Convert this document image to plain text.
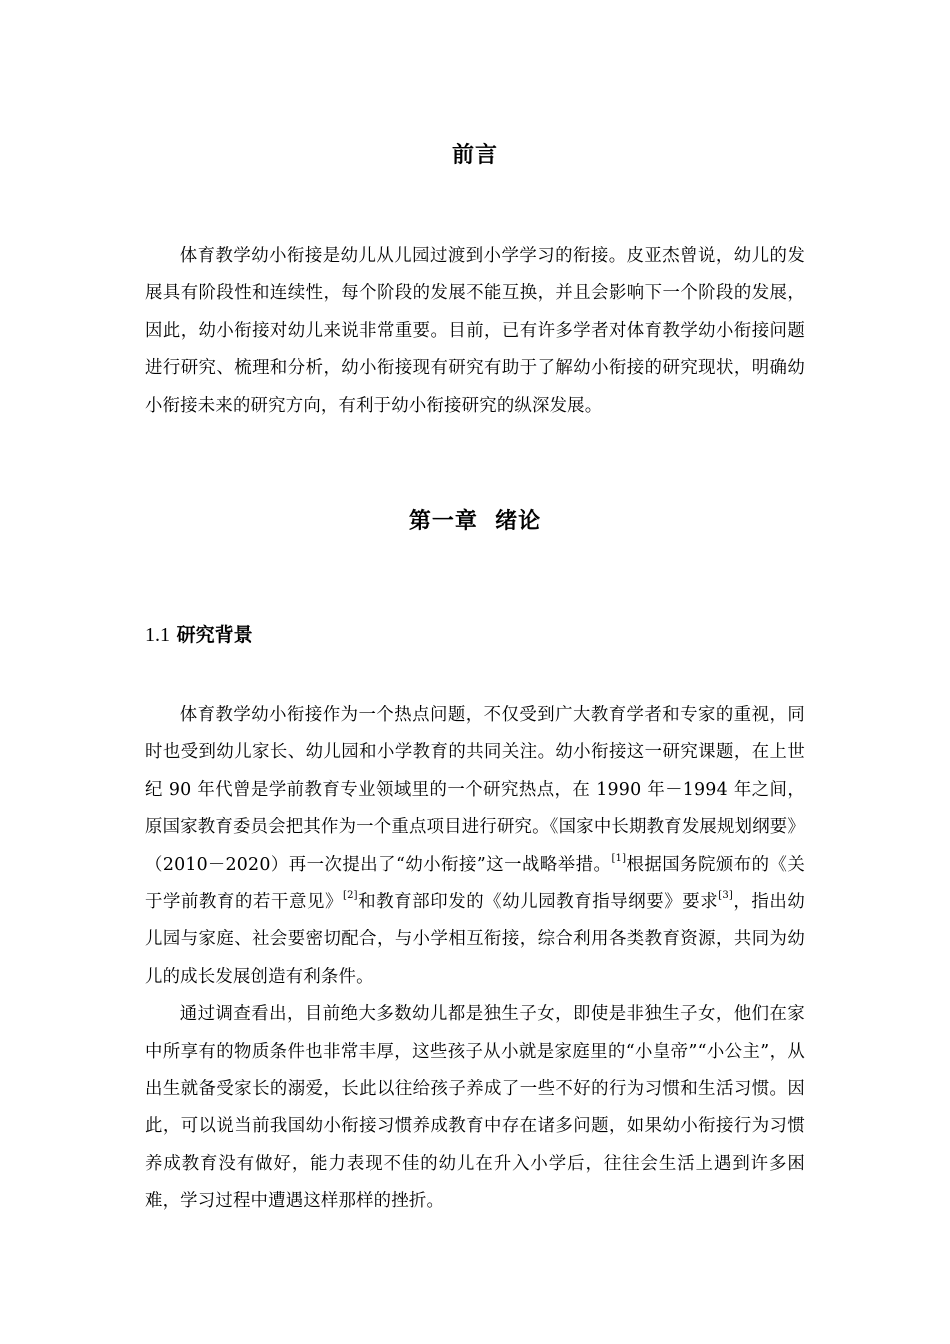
前言

体育教学幼小衔接是幼儿从儿园过渡到小学学习的衔接。皮亚杰曾说，幼儿的发展具有阶段性和连续性，每个阶段的发展不能互换，并且会影响下一个阶段的发展，因此，幼小衔接对幼儿来说非常重要。目前，已有许多学者对体育教学幼小衔接问题进行研究、梳理和分析，幼小衔接现有研究有助于了解幼小衔接的研究现状，明确幼小衔接未来的研究方向，有利于幼小衔接研究的纵深发展。

第一章  绪论
1.1 研究背景

体育教学幼小衔接作为一个热点问题，不仅受到广大教育学者和专家的重视，同时也受到幼儿家长、幼儿园和小学教育的共同关注。幼小衔接这一研究课题，在上世纪 90 年代曾是学前教育专业领域里的一个研究热点，在 1990 年－1994 年之间，原国家教育委员会把其作为一个重点项目进行研究。《国家中长期教育发展规划纲要》（2010－2020）再一次提出了“幼小衔接”这一战略举措。[1]根据国务院颁布的《关于学前教育的若干意见》[2]和教育部印发的《幼儿园教育指导纲要》要求[3]，指出幼儿园与家庭、社会要密切配合，与小学相互衔接，综合利用各类教育资源，共同为幼儿的成长发展创造有利条件。

通过调查看出，目前绝大多数幼儿都是独生子女，即使是非独生子女，他们在家中所享有的物质条件也非常丰厚，这些孩子从小就是家庭里的“小皇帝”“小公主”，从出生就备受家长的溺爱，长此以往给孩子养成了一些不好的行为习惯和生活习惯。因此，可以说当前我国幼小衔接习惯养成教育中存在诸多问题，如果幼小衔接行为习惯养成教育没有做好，能力表现不佳的幼儿在升入小学后，往往会生活上遇到许多困难，学习过程中遭遇这样那样的挫折。
